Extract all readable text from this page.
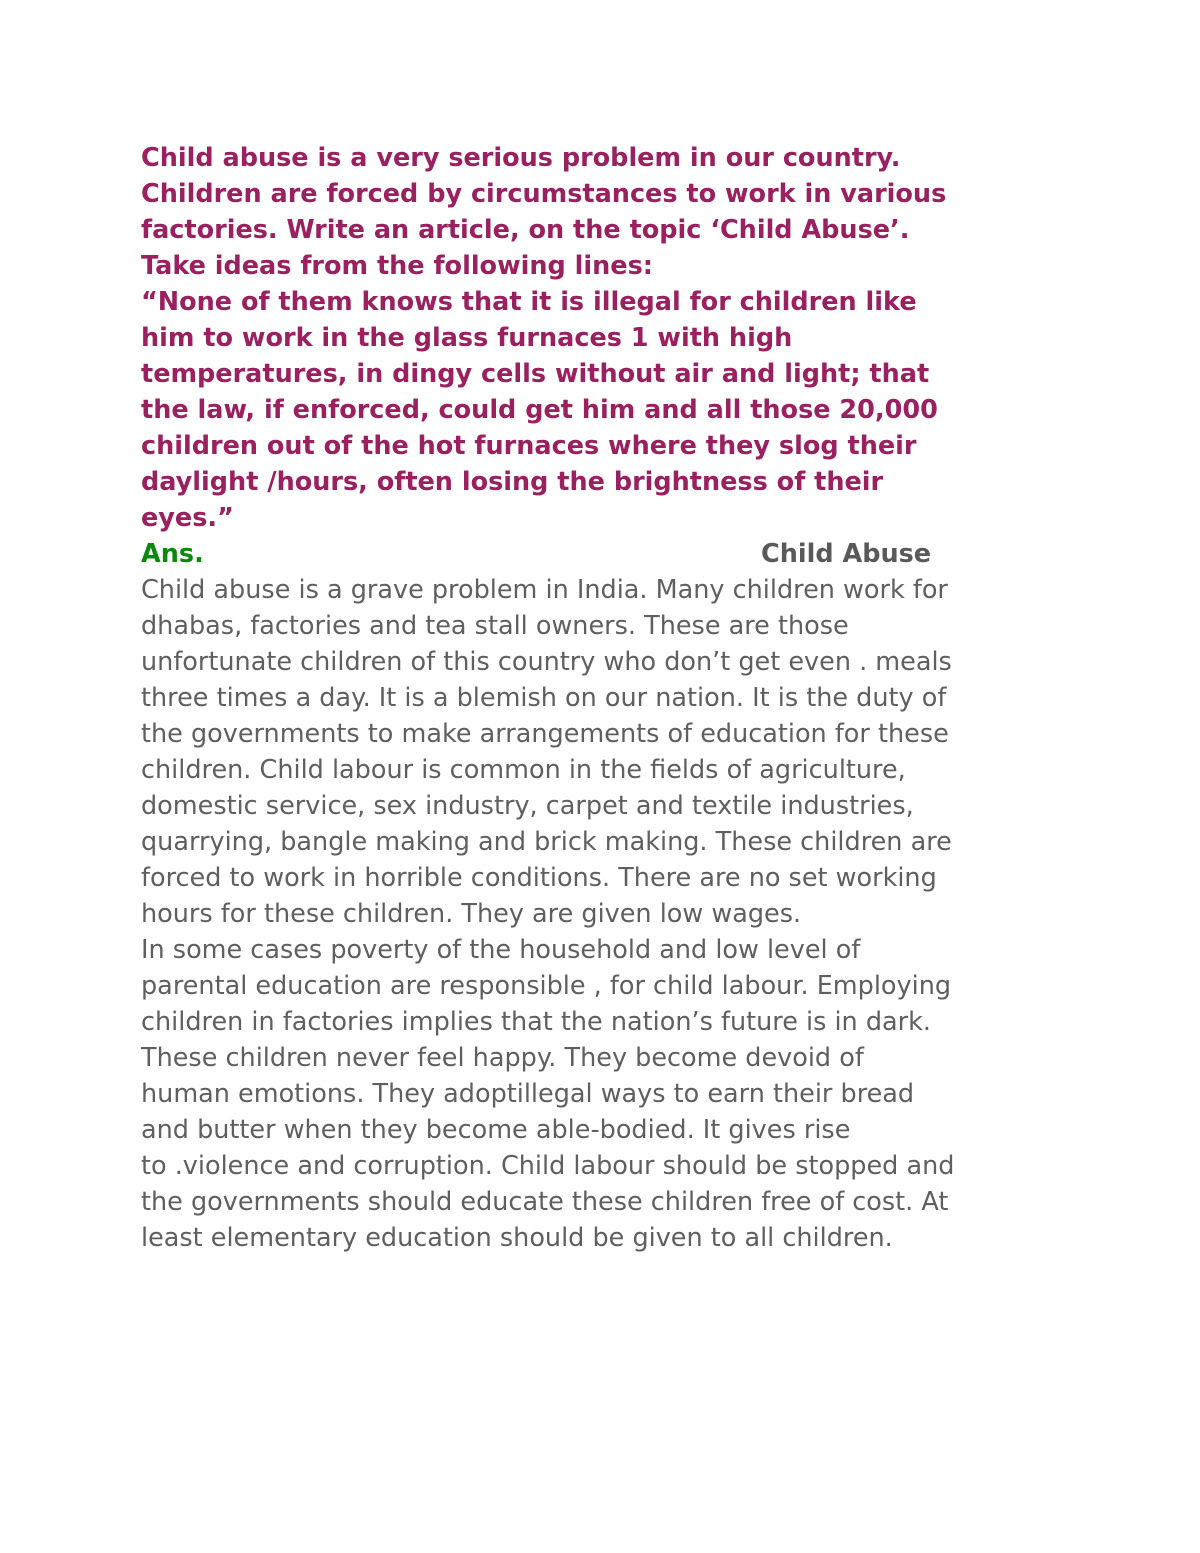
Child abuse is a very serious problem in our country.
Children are forced by circumstances to work in various
factories. Write an article, on the topic ‘Child Abuse’.
Take ideas from the following lines:
“None of them knows that it is illegal for children like
him to work in the glass furnaces 1 with high
temperatures, in dingy cells without air and light; that
the law, if enforced, could get him and all those 20,000
children out of the hot furnaces where they slog their
daylight /hours, often losing the brightness of their
eyes.”
Ans.	Child Abuse
Child abuse is a grave problem in India. Many children work for
dhabas, factories and tea stall owners. These are those
unfortunate children of this country who don’t get even . meals
three times a day. It is a blemish on our nation. It is the duty of
the governments to make arrangements of education for these
children. Child labour is common in the fields of agriculture,
domestic service, sex industry, carpet and textile industries,
quarrying, bangle making and brick making. These children are
forced to work in horrible conditions. There are no set working
hours for these children. They are given low wages.
In some cases poverty of the household and low level of
parental education are responsible , for child labour. Employing
children in factories implies that the nation’s future is in dark.
These children never feel happy. They become devoid of
human emotions. They adoptillegal ways to earn their bread
and butter when they become able-bodied. It gives rise
to .violence and corruption. Child labour should be stopped and
the governments should educate these children free of cost. At
least elementary education should be given to all children.
